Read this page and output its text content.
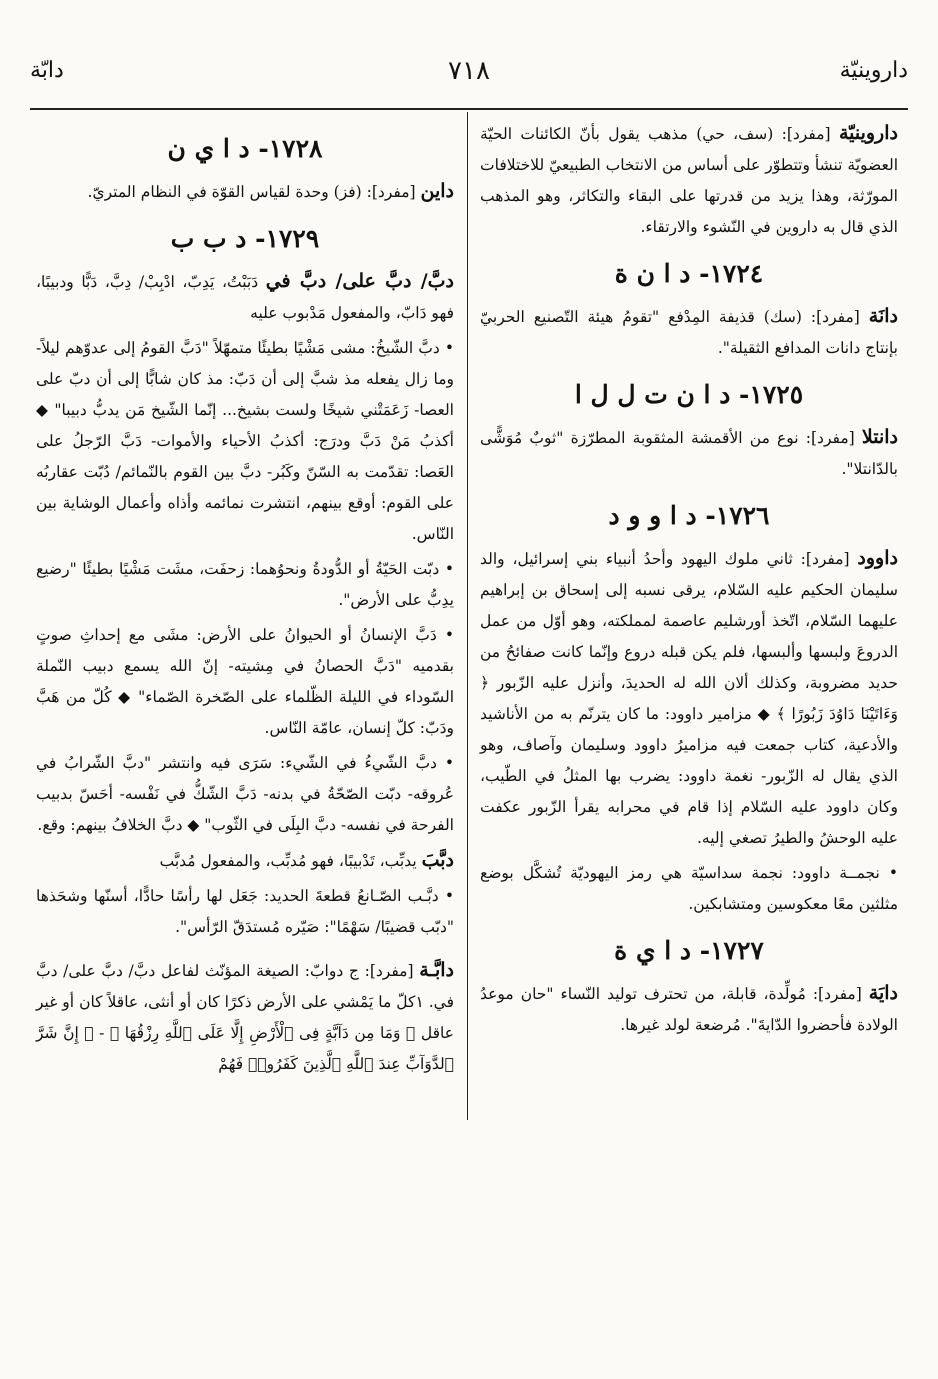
دابّة	٧١٨	داروينيّة

داروينيّة [مفرد]: (سف، حي) مذهب يقول بأنّ الكائنات الحيّة العضويّة تنشأ وتتطوّر على أساس من الانتخاب الطبيعيّ للاختلافات المورّثة، وهذا يزيد من قدرتها على البقاء والتكاثر، وهو المذهب الذي قال به داروين في النّشوء والارتقاء.

١٧٢٤- د ا ن ة

دانَة [مفرد]: (سك) قذيفة المِدْفع "تقومُ هيئة التّصنيع الحربيّ بإنتاج دانات المدافع الثقيلة".

١٧٢٥- د ا ن ت ل ل ا

دانتلا [مفرد]: نوع من الأقمشة المثقوبة المطرّزة "ثوبٌ مُوَشًّى بالدّانتلا".

١٧٢٦- د ا و و د

داوود [مفرد]: ثاني ملوك اليهود وأحدُ أنبياء بني إسرائيل، والد سليمان الحكيم عليه السّلام، يرقى نسبه إلى إسحاق بن إبراهيم عليهما السّلام، اتّخذ أورشليم عاصمة لمملكته، وهو أوّل من عمل الدروعَ ولبسها وألبسها، فلم يكن قبله دروع وإنّما كانت صفائحُ من حديد مضروبة، وكذلك ألان الله له الحديدَ، وأنزل عليه الزّبور ﴿ وَءَاتَيْنَا دَاوُدَ زَبُورًا ﴾ ◆ مزامير داوود: ما كان يترنّم به من الأناشيد والأدعية، كتاب جمعت فيه مزاميرُ داوود وسليمان وآصاف، وهو الذي يقال له الزّبور- نغمة داوود: يضرب بها المثلُ في الطّيب، وكان داوود عليه السّلام إذا قام في محرابه يقرأ الزّبور عكفت عليه الوحشُ والطيرُ تصغي إليه.

• نجمــة داوود: نجمة سداسيّة هي رمز اليهوديّة تُشكَّل بوضع مثلثين معًا معكوسين ومتشابكين.

١٧٢٧- د ا ي ة

دايَة [مفرد]: مُولِّدة، قابلة، من تحترف توليد النّساء "حان موعدُ الولادة فأحضروا الدّايةَ". مُرضعة لولد غيرها.

١٧٢٨- د ا ي ن

داين [مفرد]: (فز) وحدة لقياس القوّة في النظام المتريّ.

١٧٢٩- د ب ب

دبَّ/ دبَّ على/ دبَّ في دَبَبْتُ، يَدِبّ، ادْبِبْ/ دِبَّ، دَبًّا ودبيبًا، فهو دَابّ، والمفعول مَدْبوب عليه

• دبَّ الشّيخُ: مشى مَشْيًا بطيئًا متمهّلاً "دَبَّ القومُ إلى عدوّهم ليلاً- وما زال يفعله مذ شبَّ إلى أن دَبّ: مذ كان شابًّا إلى أن دبّ على العصا- زَعَمَتْني شيخًا ولست بشيخ... إنّما الشّيخ مَن يدبُّ دبيبا" ◆ أكذبُ مَنْ دَبَّ ودرَج: أكذبُ الأحياء والأموات- دَبَّ الرّجلُ على العَصا: تقدّمت به السّنّ وكَبُر- دبَّ بين القوم بالنّمائم/ دُبّت عقاربُه على القوم: أوقع بينهم، انتشرت نمائمه وأذاه وأعمال الوشاية بين النّاس.

• دبّت الحَيّةُ أو الدُّودةُ ونحوُهما: زحفَت، مشَت مَشْيًا بطيئًا "رضيع يدِبُّ على الأرض".

• دَبَّ الإنسانُ أو الحيوانُ على الأرض: مشَى مع إحداثِ صوتٍ بقدميه "دَبَّ الحصانُ في مِشيته- إنّ الله يسمع دبيب النّملة السّوداء في الليلة الظّلماء على الصّخرة الصّماء" ◆ كُلّ من هَبَّ ودَبّ: كلّ إنسان، عامّة النّاس.

• دبَّ الشّيءُ في الشّيء: سَرَى فيه وانتشر "دبَّ الشّرابُ في عُروقه- دبّت الصّحّةُ في بدنه- دَبَّ الشّكُّ في نَفْسه- أحَسّ بدبيب الفرحة في نفسه- دبَّ البِلَى في الثّوب" ◆ دبَّ الخلافُ بينهم: وقع.

دبَّبَ يدبِّب، تَدْبيبًا، فهو مُدبِّب، والمفعول مُدبَّب

• دبَّـب الصّـانعُ قطعةَ الحديد: جَعَل لها رأسًا حادًّا، أسنّها وشحَذها "دبّب قضيبًا/ سَهْمًا": صَيّره مُستدَقّ الرّأس".

دابَّـة [مفرد]: ج دوابّ: الصيغة المؤنّث لفاعل دبَّ/ دبَّ على/ دبَّ في. ١كلّ ما يَمْشي على الأرض ذكرًا كان أو أنثى، عاقلاً كان أو غير عاقل ﴿ وَمَا مِن دَآبَّةٍ فِى ٱلْأَرْضِ إِلَّا عَلَى ٱللَّهِ رِزْقُهَا ﴾ - ﴿ إِنَّ شَرَّ ٱلدَّوَآبِّ عِندَ ٱللَّهِ ٱلَّذِينَ كَفَرُوا۟ فَهُمْ
